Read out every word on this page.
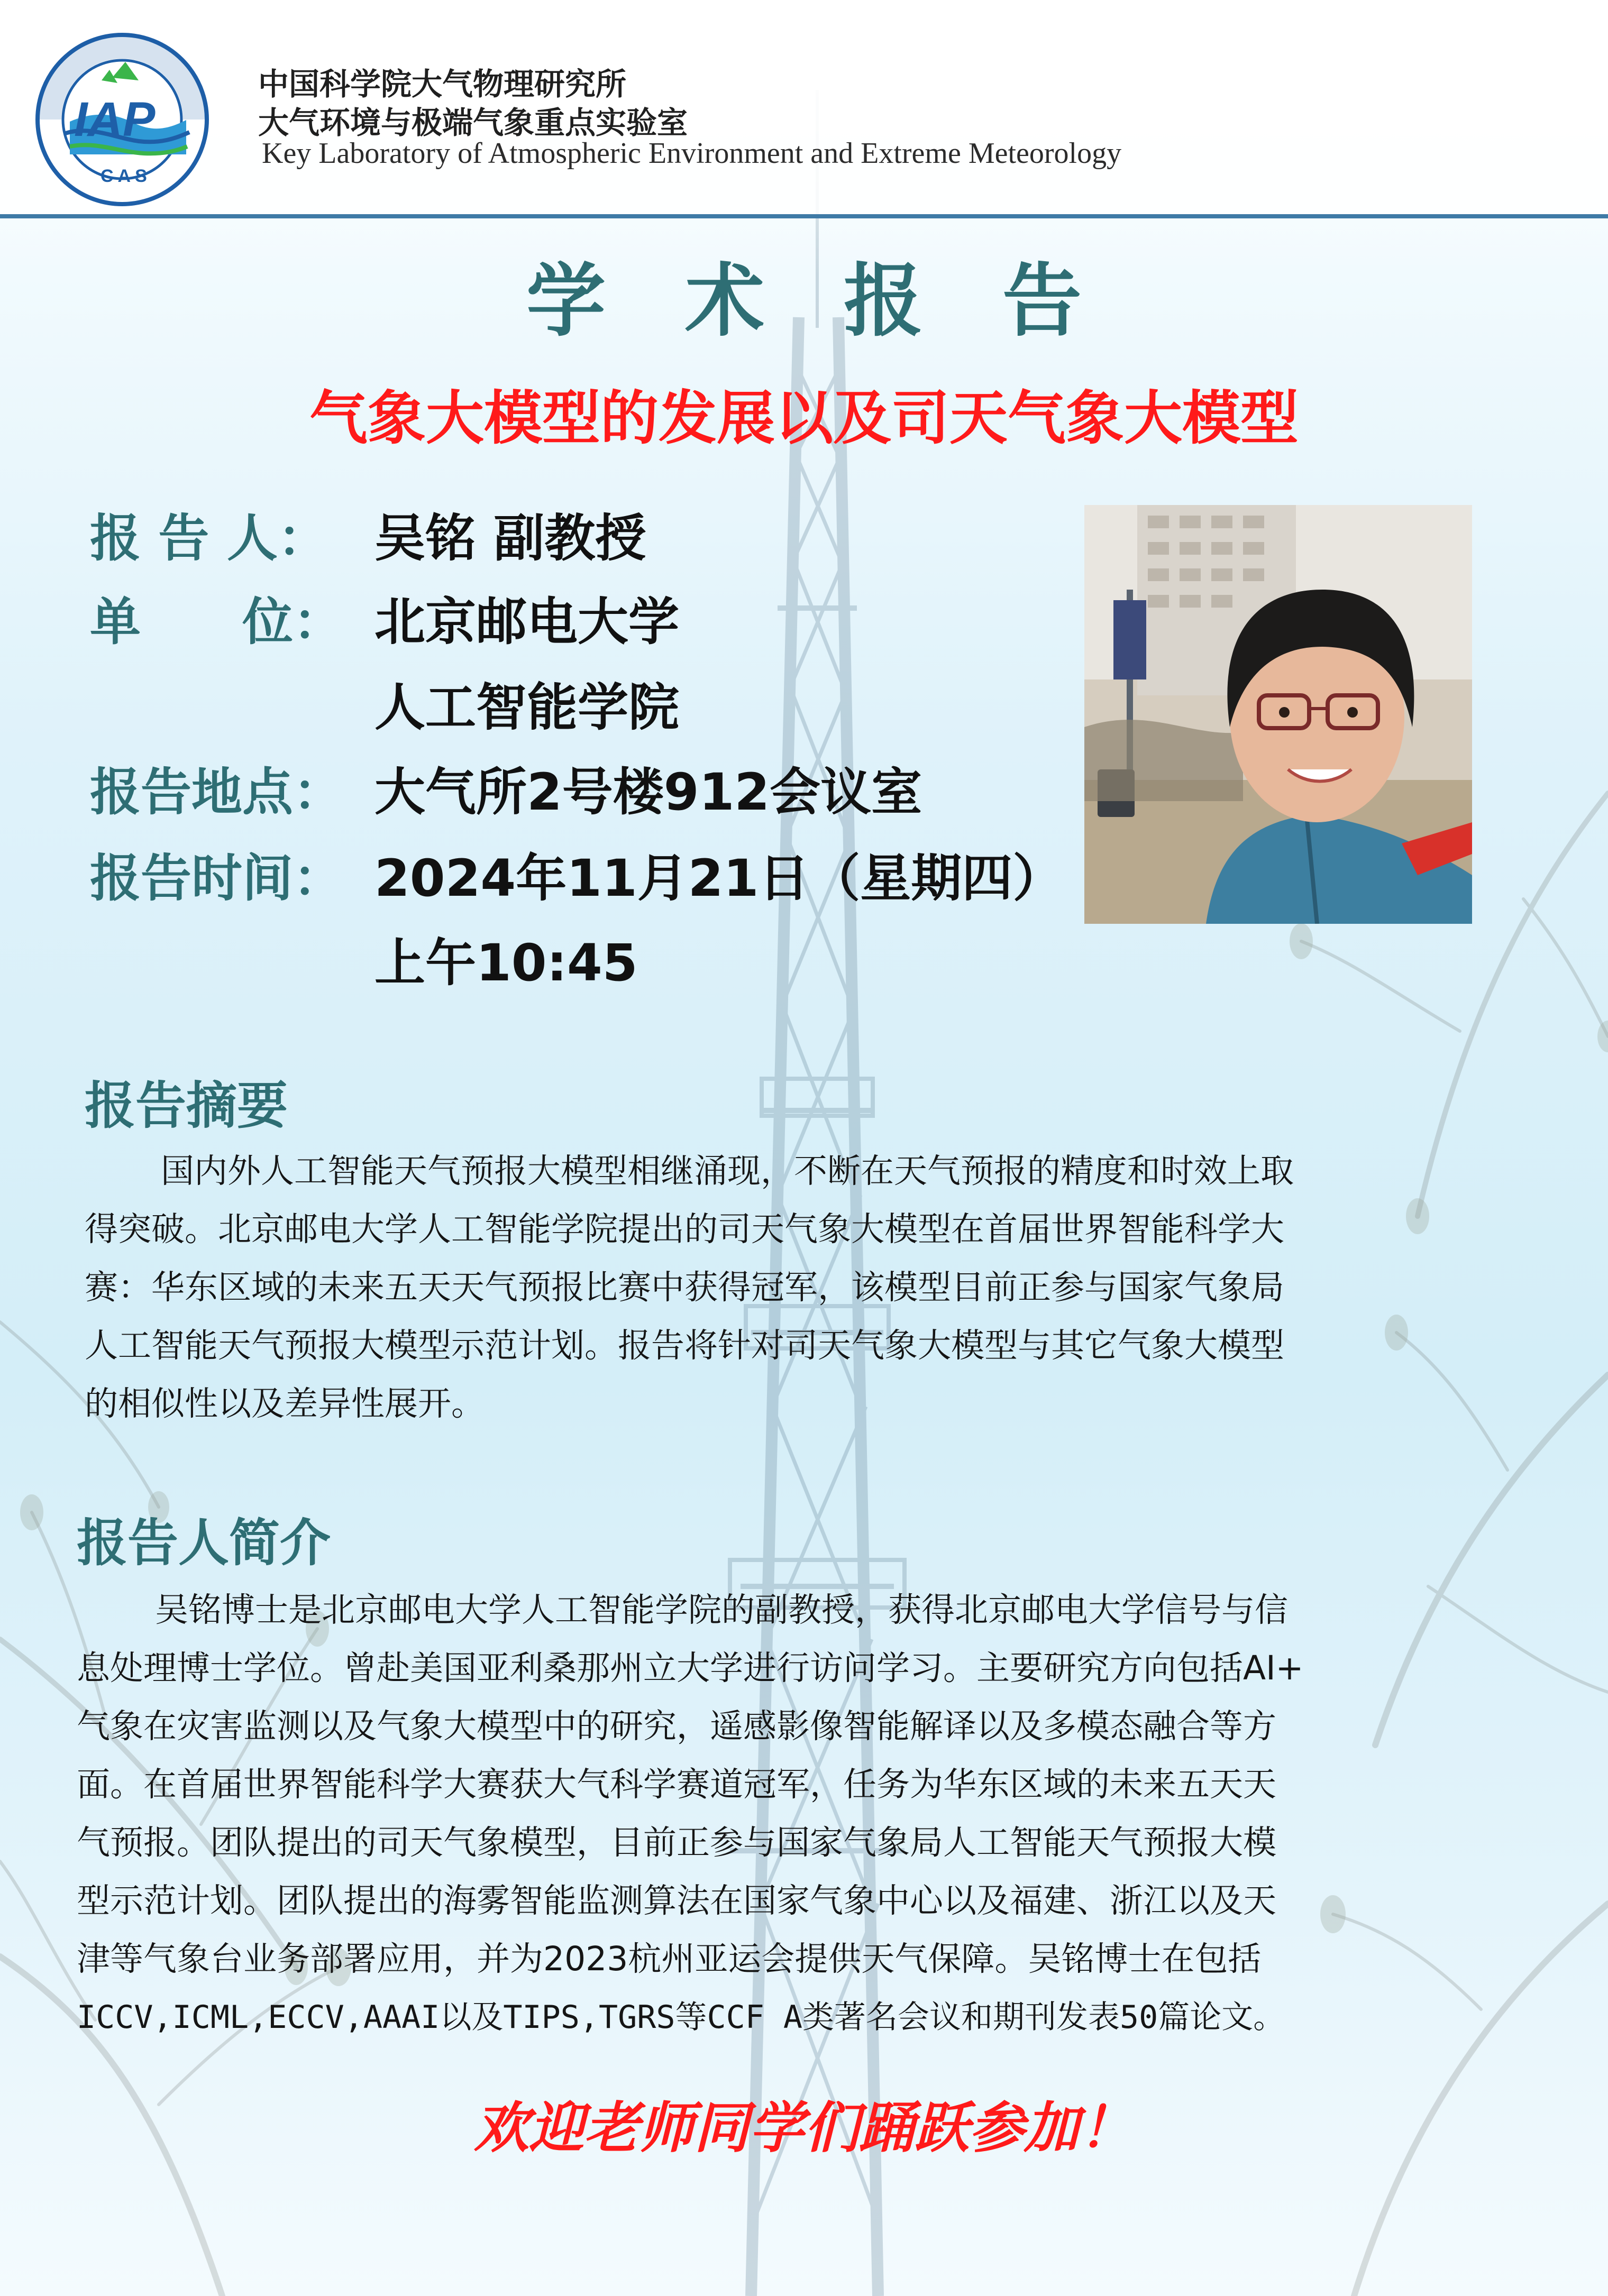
IAP
CAS
中国科学院大气物理研究所
大气环境与极端气象重点实验室
Key Laboratory of Atmospheric Environment and Extreme Meteorology
学　术　报　告
气象大模型的发展以及司天气象大模型
报 告 人： 吴铭 副教授
单　　位： 北京邮电大学
人工智能学院
报告地点： 大气所2号楼912会议室
报告时间： 2024年11月21日（星期四）
上午10:45
报告摘要
国内外人工智能天气预报大模型相继涌现，不断在天气预报的精度和时效上取
得突破。北京邮电大学人工智能学院提出的司天气象大模型在首届世界智能科学大
赛：华东区域的未来五天天气预报比赛中获得冠军，该模型目前正参与国家气象局
人工智能天气预报大模型示范计划。报告将针对司天气象大模型与其它气象大模型
的相似性以及差异性展开。
报告人简介
吴铭博士是北京邮电大学人工智能学院的副教授，获得北京邮电大学信号与信
息处理博士学位。曾赴美国亚利桑那州立大学进行访问学习。主要研究方向包括AI+
气象在灾害监测以及气象大模型中的研究，遥感影像智能解译以及多模态融合等方
面。在首届世界智能科学大赛获大气科学赛道冠军，任务为华东区域的未来五天天
气预报。团队提出的司天气象模型，目前正参与国家气象局人工智能天气预报大模
型示范计划。团队提出的海雾智能监测算法在国家气象中心以及福建、浙江以及天
津等气象台业务部署应用，并为2023杭州亚运会提供天气保障。吴铭博士在包括
ICCV,ICML,ECCV,AAAI以及TIPS,TGRS等CCF A类著名会议和期刊发表50篇论文。
欢迎老师同学们踊跃参加！
